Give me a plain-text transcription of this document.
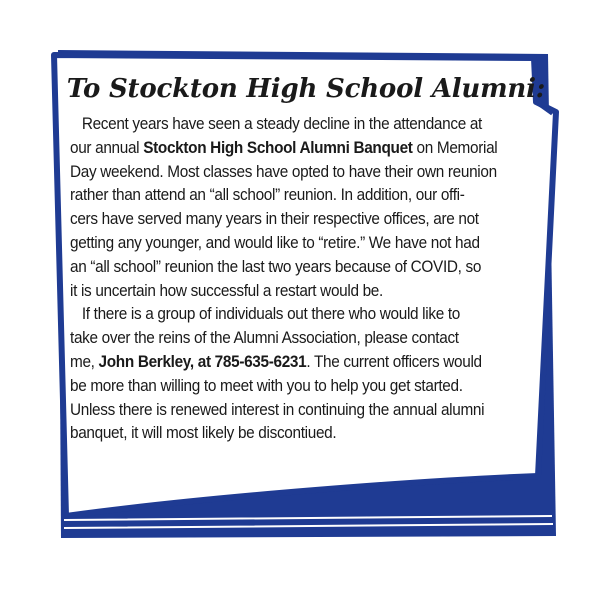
To Stockton High School Alumni:
Recent years have seen a steady decline in the attendance at
our annual Stockton High School Alumni Banquet on Memorial
Day weekend. Most classes have opted to have their own reunion
rather than attend an “all school” reunion. In addition, our offi-
cers have served many years in their respective offices, are not
getting any younger, and would like to “retire.” We have not had
an “all school” reunion the last two years because of COVID, so
it is uncertain how successful a restart would be.
If there is a group of individuals out there who would like to
take over the reins of the Alumni Association, please contact
me, John Berkley, at 785-635-6231. The current officers would
be more than willing to meet with you to help you get started.
Unless there is renewed interest in continuing the annual alumni
banquet, it will most likely be discontiued.
